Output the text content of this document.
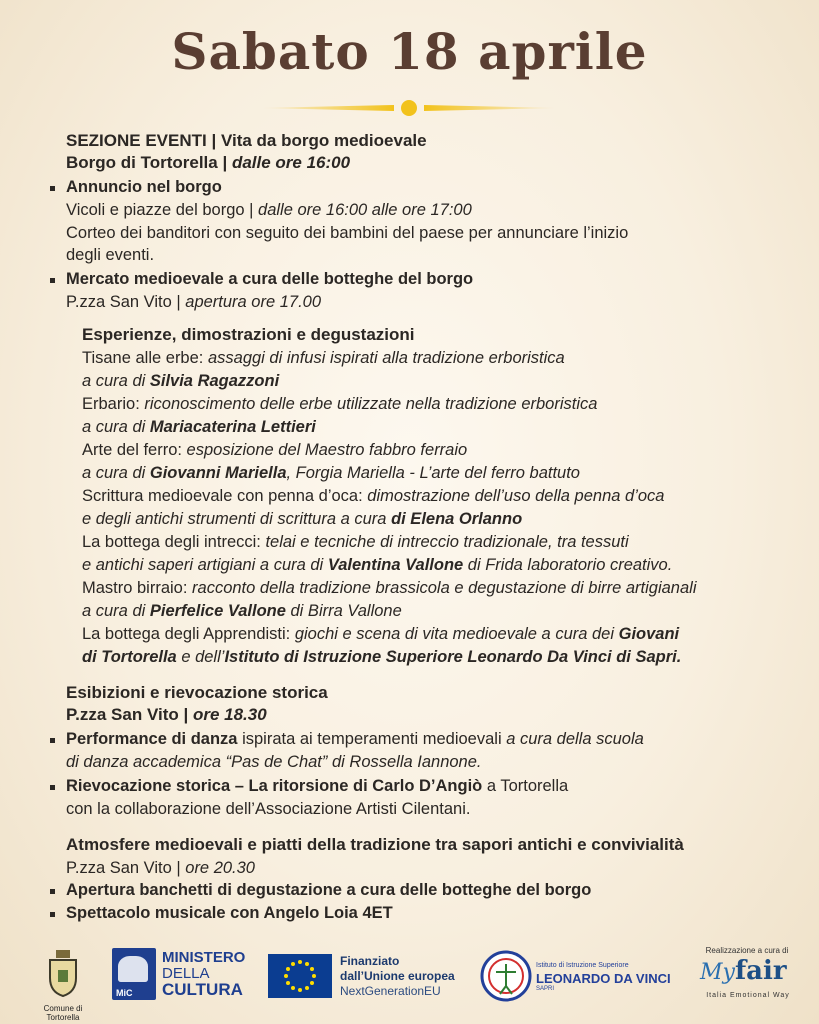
Sabato 18 aprile
SEZIONE EVENTI | Vita da borgo medioevale
Borgo di Tortorella | dalle ore 16:00
Annuncio nel borgo
Vicoli e piazze del borgo | dalle ore 16:00 alle ore 17:00
Corteo dei banditori con seguito dei bambini del paese per annunciare l’inizio
degli eventi.
Mercato medioevale a cura delle botteghe del borgo
P.zza San Vito | apertura ore 17.00
Esperienze, dimostrazioni e degustazioni
Tisane alle erbe: assaggi di infusi ispirati alla tradizione erboristica
a cura di Silvia Ragazzoni
Erbario: riconoscimento delle erbe utilizzate nella tradizione erboristica
a cura di Mariacaterina Lettieri
Arte del ferro: esposizione del Maestro fabbro ferraio
a cura di Giovanni Mariella, Forgia Mariella - L’arte del ferro battuto
Scrittura medioevale con penna d’oca: dimostrazione dell’uso della penna d’oca
e degli antichi strumenti di scrittura a cura di Elena Orlanno
La bottega degli intrecci: telai e tecniche di intreccio tradizionale, tra tessuti
e antichi saperi artigiani a cura di Valentina Vallone di Frida laboratorio creativo.
Mastro birraio: racconto della tradizione brassicola e degustazione di birre artigianali
a cura di Pierfelice Vallone di Birra Vallone
La bottega degli Apprendisti: giochi e scena di vita medioevale a cura dei Giovani
di Tortorella e dell’Istituto di Istruzione Superiore Leonardo Da Vinci di Sapri.
Esibizioni e rievocazione storica
P.zza San Vito | ore 18.30
Performance di danza ispirata ai temperamenti medioevali a cura della scuola
di danza accademica “Pas de Chat” di Rossella Iannone.
Rievocazione storica – La ritorsione di Carlo D’Angiò a Tortorella
con la collaborazione dell’Associazione Artisti Cilentani.
Atmosfere medioevali e piatti della tradizione tra sapori antichi e convivialità
P.zza San Vito | ore 20.30
Apertura banchetti di degustazione a cura delle botteghe del borgo
Spettacolo musicale con Angelo Loia 4ET
Comune di Tortorella
MiC
MINISTERO
DELLA
CULTURA
Finanziato
dall’Unione europea
NextGenerationEU
Istituto di Istruzione Superiore
LEONARDO DA VINCI
SAPRI
Realizzazione a cura di
Myfair
Italia Emotional Way
